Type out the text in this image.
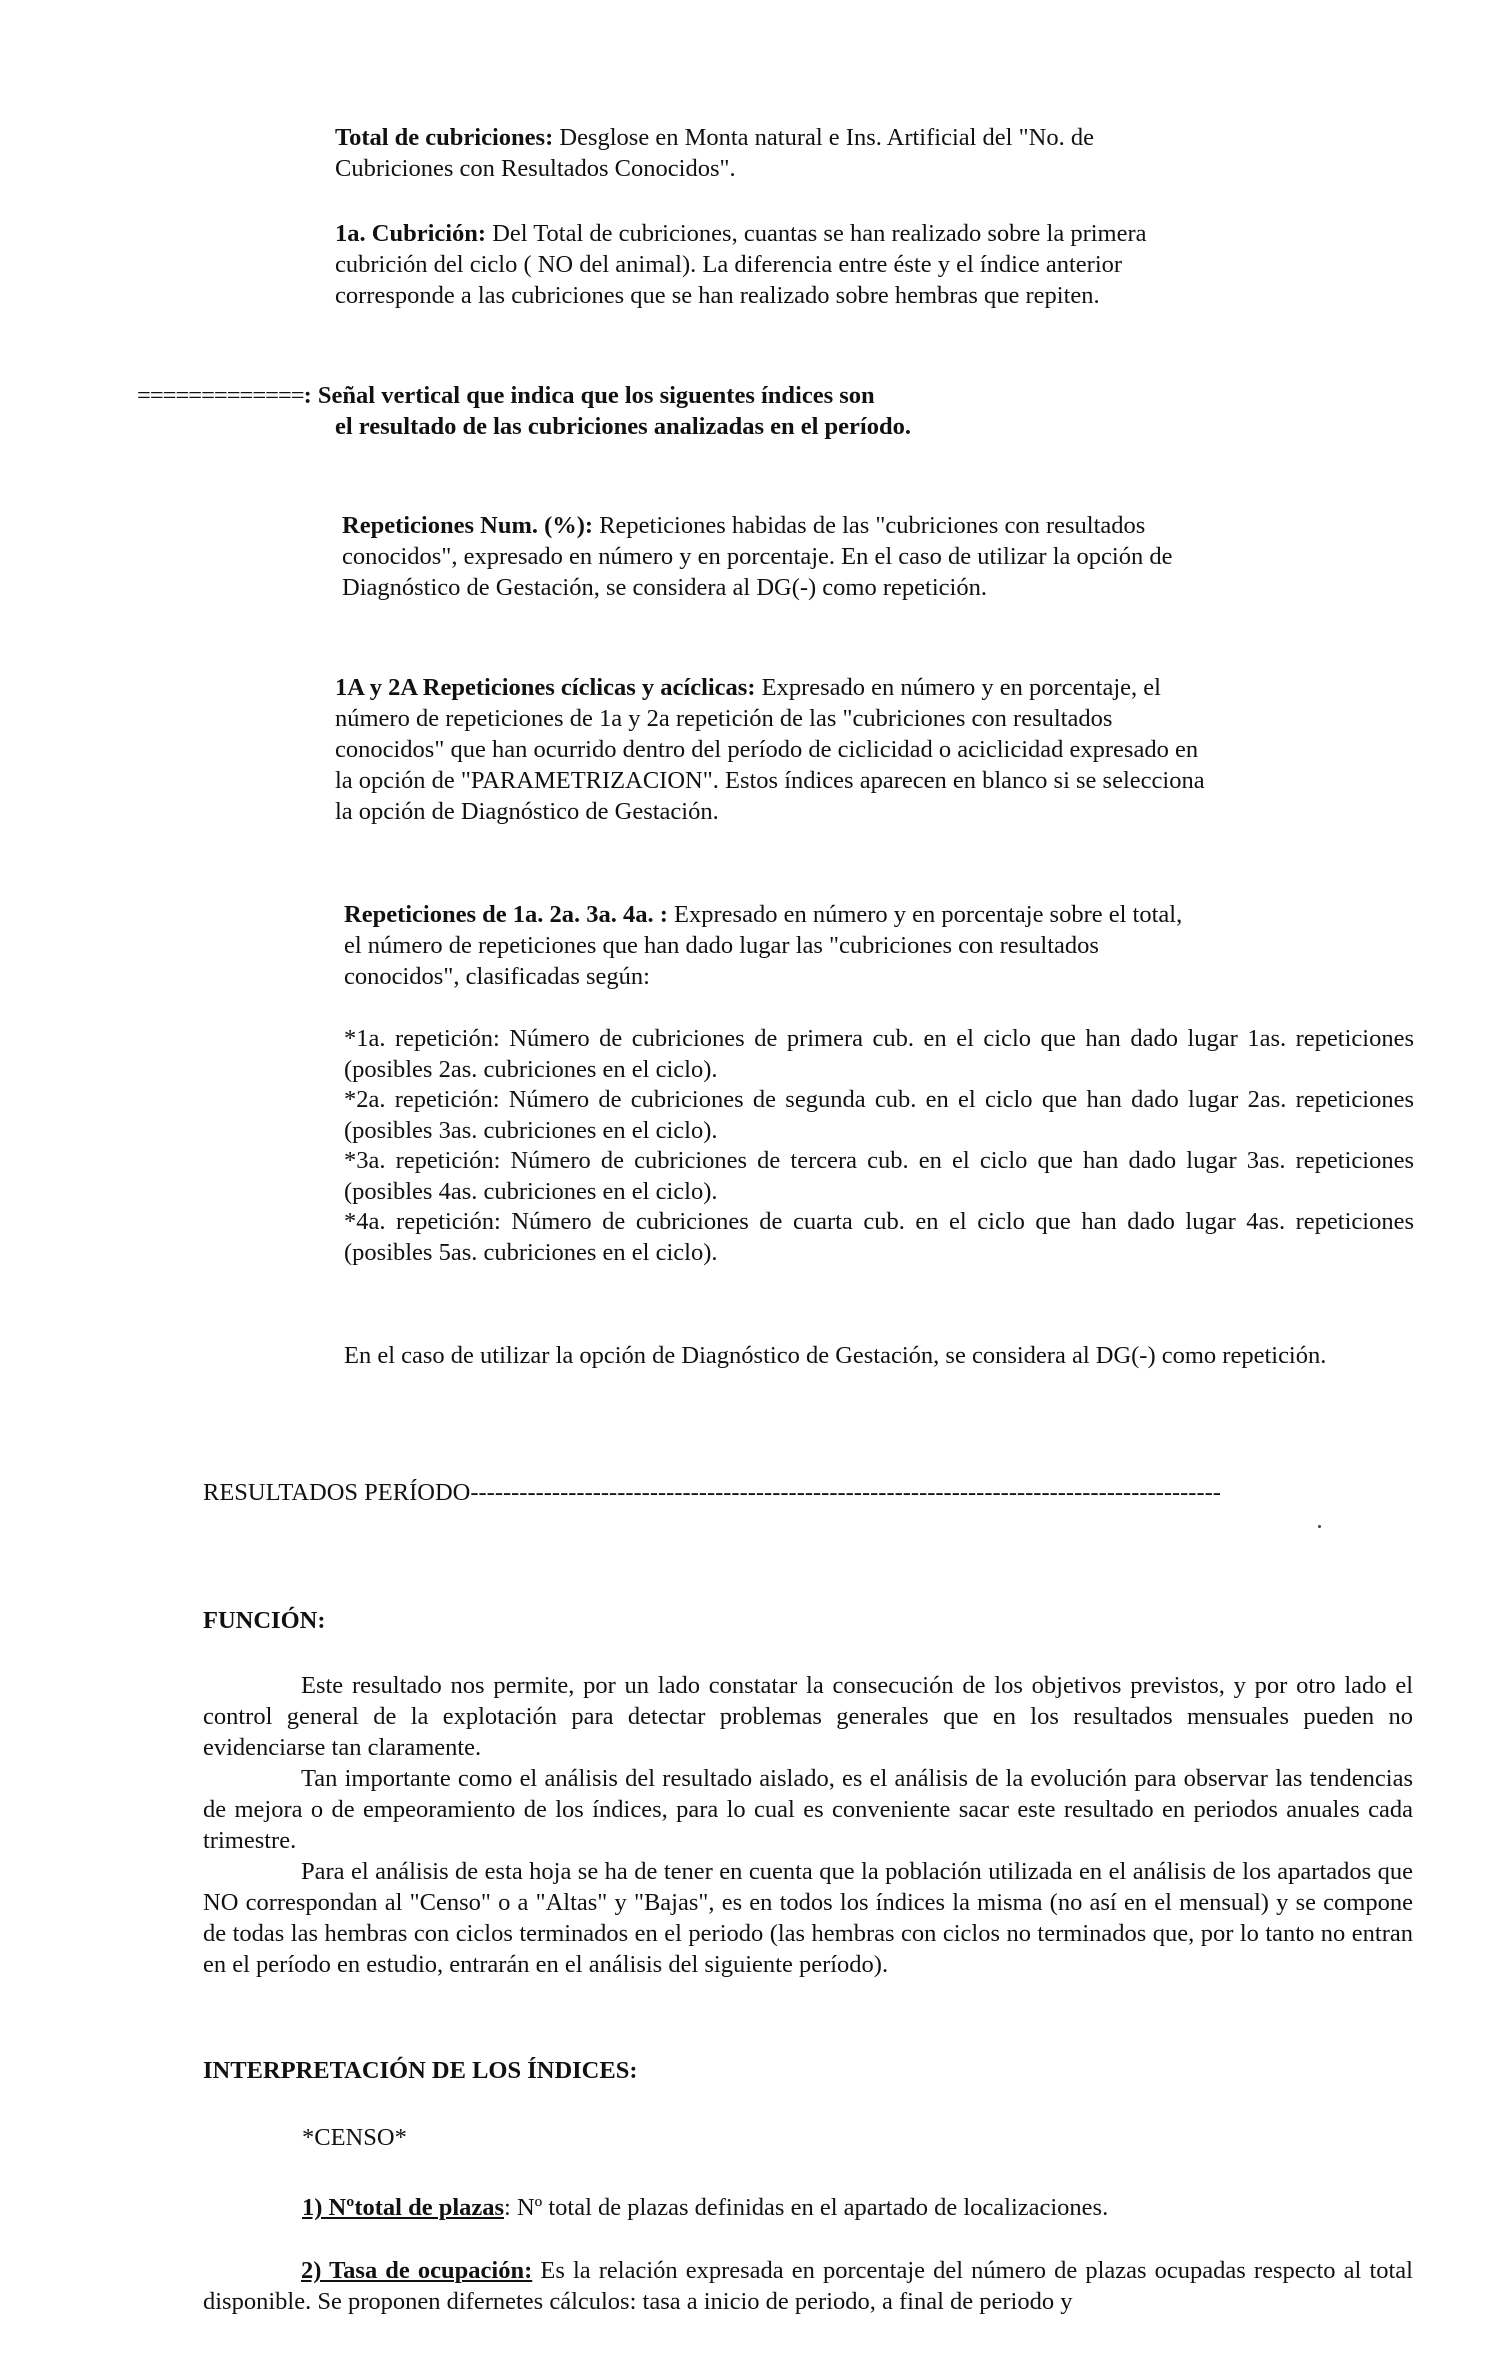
Total de cubriciones: Desglose en Monta natural e Ins. Artificial del "No. de Cubriciones con Resultados Conocidos".

1a. Cubrición: Del Total de cubriciones, cuantas se han realizado sobre la primera cubrición del ciclo ( NO del animal). La diferencia entre éste y el índice anterior corresponde a las cubriciones que se han realizado sobre hembras que repiten.

=============: Señal vertical que indica que los siguentes índices son

el resultado de las cubriciones analizadas en el período.

Repeticiones Num. (%): Repeticiones habidas de las "cubriciones con resultados conocidos", expresado en número y en porcentaje. En el caso de utilizar la opción de Diagnóstico de Gestación, se considera al DG(-) como repetición.

1A y 2A Repeticiones cíclicas y acíclicas: Expresado en número y en porcentaje, el número de repeticiones de 1a y 2a repetición de las "cubriciones con resultados conocidos" que han ocurrido dentro del período de ciclicidad o aciclicidad expresado en la opción de "PARAMETRIZACION". Estos índices aparecen en blanco si se selecciona la opción de Diagnóstico de Gestación.

Repeticiones de 1a. 2a. 3a. 4a. : Expresado en número y en porcentaje sobre el total, el número de repeticiones que han dado lugar las "cubriciones con resultados conocidos", clasificadas según:

*1a. repetición: Número de cubriciones de primera cub. en el ciclo que han dado lugar 1as. repeticiones (posibles 2as. cubriciones en el ciclo).

*2a. repetición: Número de cubriciones de segunda cub. en el ciclo que han dado lugar 2as. repeticiones (posibles 3as. cubriciones en el ciclo).

*3a. repetición: Número de cubriciones de tercera cub. en el ciclo que han dado lugar 3as. repeticiones (posibles 4as. cubriciones en el ciclo).

*4a. repetición: Número de cubriciones de cuarta cub. en el ciclo que han dado lugar 4as. repeticiones (posibles 5as. cubriciones en el ciclo).

En el caso de utilizar la opción de Diagnóstico de Gestación, se considera al DG(-) como repetición.

RESULTADOS PERÍODO--------------------------------------------------------------------------------------------

FUNCIÓN:

Este resultado nos permite, por un lado constatar la consecución de los objetivos previstos, y por otro lado el control general de la explotación para detectar problemas generales que en los resultados mensuales pueden no evidenciarse tan claramente.

Tan importante como el análisis del resultado aislado, es el análisis de la evolución para observar las tendencias de mejora o de empeoramiento de los índices, para lo cual es conveniente sacar este resultado en periodos anuales cada trimestre.

Para el análisis de esta hoja se ha de tener en cuenta que la población utilizada en el análisis de los apartados que NO correspondan al "Censo" o a "Altas" y "Bajas", es en todos los índices la misma (no así en el mensual) y se compone de todas las hembras con ciclos terminados en el periodo (las hembras con ciclos no terminados que, por lo tanto no entran en el período en estudio, entrarán en el análisis del siguiente período).

INTERPRETACIÓN DE LOS ÍNDICES:

*CENSO*

1) Nºtotal de plazas: Nº total de plazas definidas en el apartado de localizaciones.

2) Tasa de ocupación: Es la relación expresada en porcentaje del número de plazas ocupadas respecto al total disponible. Se proponen difernetes cálculos: tasa a inicio de periodo, a final de periodo y
